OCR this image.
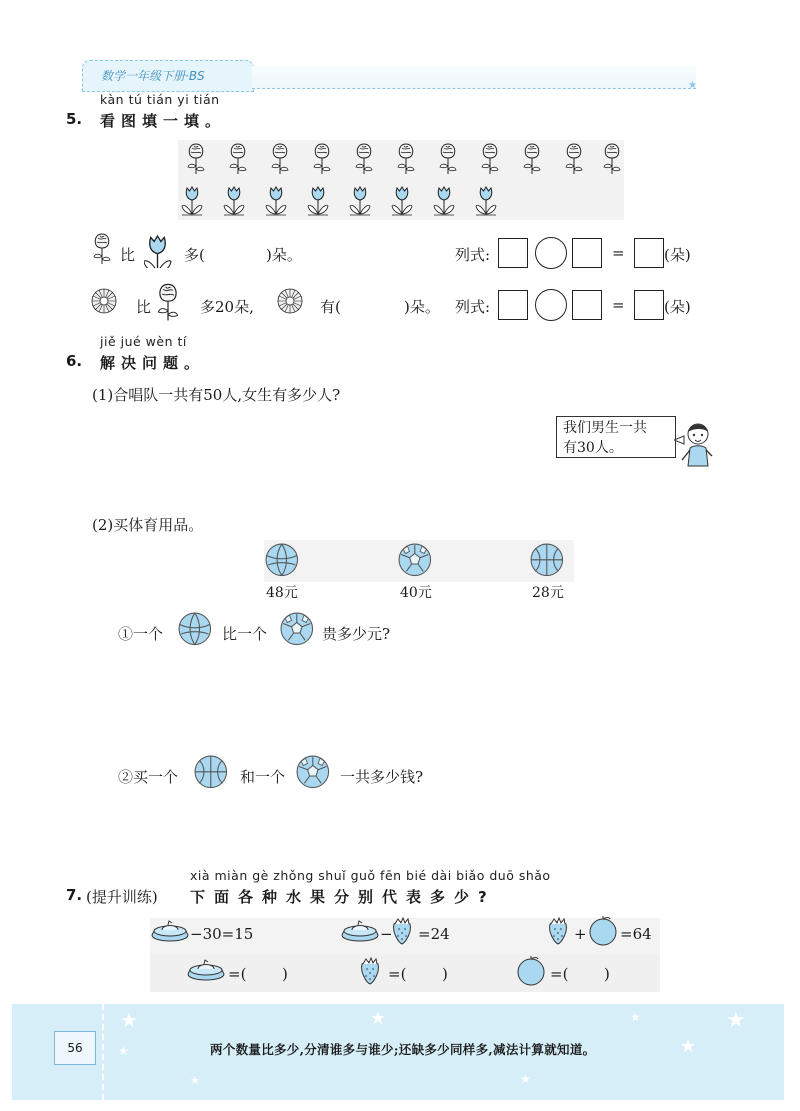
数学一年级下册·BS
★
kàn tú tián yi tián
5. 看图填一填。
比	多(	)朵。	列式:	=	(朵)
比	多20朵,	有(	)朵。 列式:	=	(朵)
jiě jué wèn tí
6. 解决问题。
(1)合唱队一共有50人,女生有多少人?
我们男生一共
有30人。
(2)买体育用品。
48元	40元	28元
①一个	比一个	贵多少元?
②买一个	和一个	一共多少钱?
xià miàn gè zhǒng shuǐ guǒ fēn bié dài biǎo duō shǎo
7. (提升训练) 下面各种水果分别代表多少?
−30=15	− =24	+ =64
=( )	=( )	=( )
56	两个数量比多少,分清谁多与谁少;还缺多少同样多,减法计算就知道。
★
★
★	★	★
★
★
★
